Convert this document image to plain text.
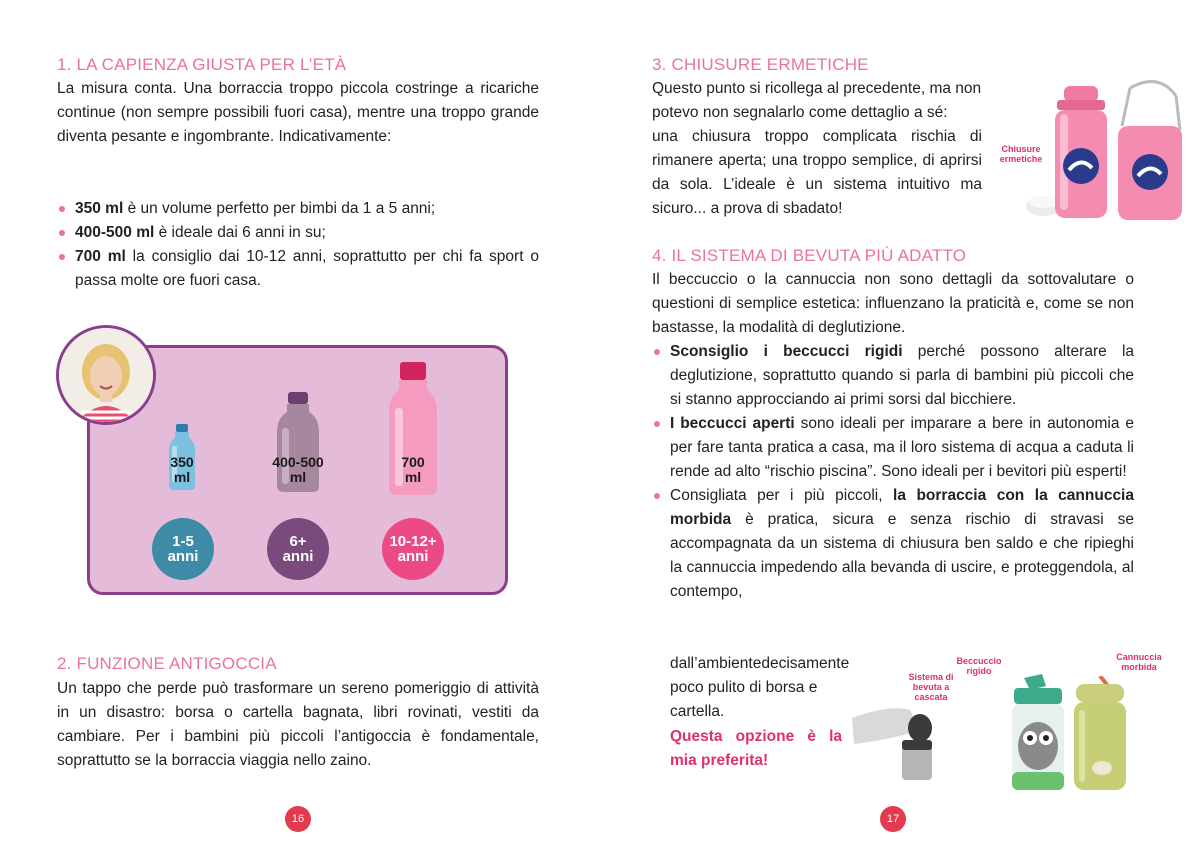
1. LA CAPIENZA GIUSTA PER L’ETÀ

La misura conta. Una borraccia troppo piccola costringe a ricariche continue (non sempre possibili fuori casa), mentre una troppo grande diventa pesante e ingombrante. Indicativamente:

350 ml è un volume perfetto per bimbi da 1 a 5 anni;
400-500 ml è ideale dai 6 anni in su;
700 ml la consiglio dai 10-12 anni, soprattutto per chi fa sport o passa molte ore fuori casa.
350
ml
400-500
ml
700
ml
1-5
anni
6+
anni
10-12+
anni
2. FUNZIONE ANTIGOCCIA

Un tappo che perde può trasformare un sereno pomeriggio di attività in un disastro: borsa o cartella bagnata, libri rovinati, vestiti da cambiare. Per i bambini più piccoli l’antigoccia è fondamentale, soprattutto se la borraccia viaggia nello zaino.

16
3. CHIUSURE ERMETICHE
Questo punto si ricollega al precedente, ma non
potevo non segnalarlo come dettaglio a sé:

una chiusura troppo complicata rischia di rimanere aperta; una troppo semplice, di aprirsi da sola. L’ideale è un sistema intuitivo ma sicuro... a prova di sbadato!

Chiusure ermetiche
4. IL SISTEMA DI BEVUTA PIÙ ADATTO

Il beccuccio o la cannuccia non sono dettagli da sottovalutare o questioni di semplice estetica: influenzano la praticità e, come se non bastasse, la modalità di deglutizione.

Sconsiglio i beccucci rigidi perché possono alterare la deglutizione, soprattutto quando si parla di bambini più piccoli che si stanno approcciando ai primi sorsi dal bicchiere.
I beccucci aperti sono ideali per imparare a bere in autonomia e per fare tanta pratica a casa, ma il loro sistema di acqua a caduta li rende ad alto “rischio piscina”. Sono ideali per i bevitori più esperti!
Consigliata per i più piccoli, la borraccia con la cannuccia morbida è pratica, sicura e senza rischio di stravasi se accompagnata da un sistema di chiusura ben saldo e che ripieghi la cannuccia impedendo alla bevanda di uscire, e proteggendola, al contempo,
dall’ambientedecisamente
poco pulito di borsa e
cartella.
Questa opzione è la mia preferita!
Sistema di bevuta a cascata
Beccuccio rigido
Cannuccia morbida
17
